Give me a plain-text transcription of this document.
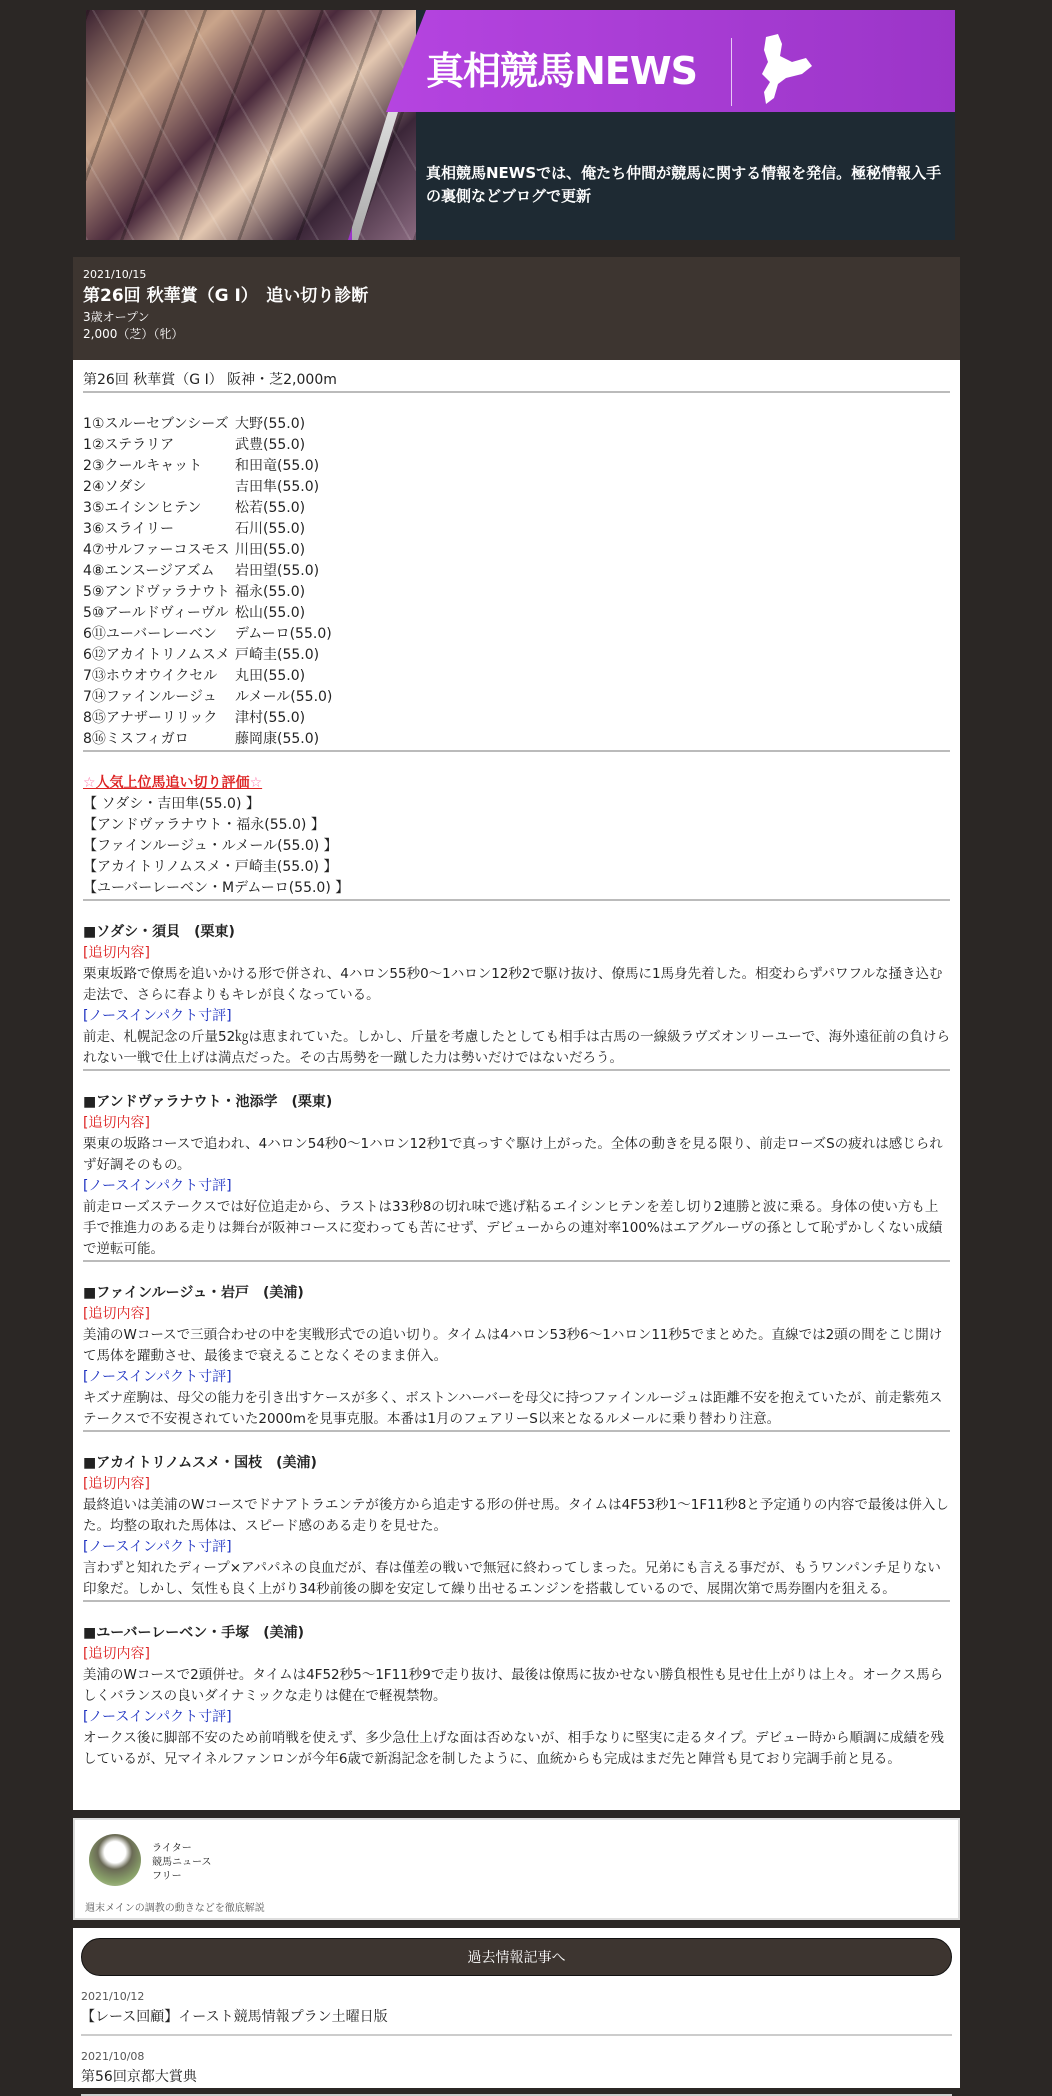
真相競馬NEWS
真相競馬NEWSでは、俺たち仲間が競馬に関する情報を発信。極秘情報入手の裏側などブログで更新
2021/10/15
第26回 秋華賞（G I）　追い切り診断
3歳オープン
2,000（芝）（牝）
第26回 秋華賞（G I） 阪神・芝2,000m
1①スルーセブンシーズ 大野(55.0)
1②ステラリア	武豊(55.0)
2③クールキャット	和田竜(55.0)
2④ソダシ	吉田隼(55.0)
3⑤エイシンヒテン	松若(55.0)
3⑥スライリー	石川(55.0)
4⑦サルファーコスモス 川田(55.0)
4⑧エンスージアズム	岩田望(55.0)
5⑨アンドヴァラナウト 福永(55.0)
5⑩アールドヴィーヴル 松山(55.0)
6⑪ユーバーレーベン	デムーロ(55.0)
6⑫アカイトリノムスメ 戸崎圭(55.0)
7⑬ホウオウイクセル	丸田(55.0)
7⑭ファインルージュ	ルメール(55.0)
8⑮アナザーリリック	津村(55.0)
8⑯ミスフィガロ	藤岡康(55.0)
☆人気上位馬追い切り評価☆
【 ソダシ・吉田隼(55.0) 】
【アンドヴァラナウト・福永(55.0) 】
【ファインルージュ・ルメール(55.0) 】
【アカイトリノムスメ・戸崎圭(55.0) 】
【ユーバーレーベン・Mデムーロ(55.0) 】
■ソダシ・須貝　(栗東)
[追切内容]

栗東坂路で僚馬を追いかける形で併され、4ハロン55秒0〜1ハロン12秒2で駆け抜け、僚馬に1馬身先着した。相変わらずパワフルな掻き込む走法で、さらに春よりもキレが良くなっている。

[ノースインパクト寸評]

前走、札幌記念の斤量52㎏は恵まれていた。しかし、斤量を考慮したとしても相手は古馬の一線級ラヴズオンリーユーで、海外遠征前の負けられない一戦で仕上げは満点だった。その古馬勢を一蹴した力は勢いだけではないだろう。

■アンドヴァラナウト・池添学　(栗東)
[追切内容]

栗東の坂路コースで追われ、4ハロン54秒0〜1ハロン12秒1で真っすぐ駆け上がった。全体の動きを見る限り、前走ローズSの疲れは感じられず好調そのもの。

[ノースインパクト寸評]

前走ローズステークスでは好位追走から、ラストは33秒8の切れ味で逃げ粘るエイシンヒテンを差し切り2連勝と波に乗る。身体の使い方も上手で推進力のある走りは舞台が阪神コースに変わっても苦にせず、デビューからの連対率100%はエアグルーヴの孫として恥ずかしくない成績で逆転可能。

■ファインルージュ・岩戸　(美浦)
[追切内容]

美浦のWコースで三頭合わせの中を実戦形式での追い切り。タイムは4ハロン53秒6〜1ハロン11秒5でまとめた。直線では2頭の間をこじ開けて馬体を躍動させ、最後まで衰えることなくそのまま併入。

[ノースインパクト寸評]

キズナ産駒は、母父の能力を引き出すケースが多く、ボストンハーバーを母父に持つファインルージュは距離不安を抱えていたが、前走紫苑ステークスで不安視されていた2000mを見事克服。本番は1月のフェアリーS以来となるルメールに乗り替わり注意。

■アカイトリノムスメ・国枝　(美浦)
[追切内容]

最終追いは美浦のWコースでドナアトラエンテが後方から追走する形の併せ馬。タイムは4F53秒1〜1F11秒8と予定通りの内容で最後は併入した。均整の取れた馬体は、スピード感のある走りを見せた。

[ノースインパクト寸評]

言わずと知れたディープ×アパパネの良血だが、春は僅差の戦いで無冠に終わってしまった。兄弟にも言える事だが、もうワンパンチ足りない印象だ。しかし、気性も良く上がり34秒前後の脚を安定して繰り出せるエンジンを搭載しているので、展開次第で馬券圏内を狙える。

■ユーバーレーベン・手塚　(美浦)
[追切内容]

美浦のWコースで2頭併せ。タイムは4F52秒5〜1F11秒9で走り抜け、最後は僚馬に抜かせない勝負根性も見せ仕上がりは上々。オークス馬らしくバランスの良いダイナミックな走りは健在で軽視禁物。

[ノースインパクト寸評]

オークス後に脚部不安のため前哨戦を使えず、多少急仕上げな面は否めないが、相手なりに堅実に走るタイプ。デビュー時から順調に成績を残しているが、兄マイネルファンロンが今年6歳で新潟記念を制したように、血統からも完成はまだ先と陣営も見ており完調手前と見る。

ライター
競馬ニュース
フリー
週末メインの調教の動きなどを徹底解説
過去情報記事へ
2021/10/12
【レース回顧】イースト競馬情報プラン土曜日版
2021/10/08
第56回京都大賞典
